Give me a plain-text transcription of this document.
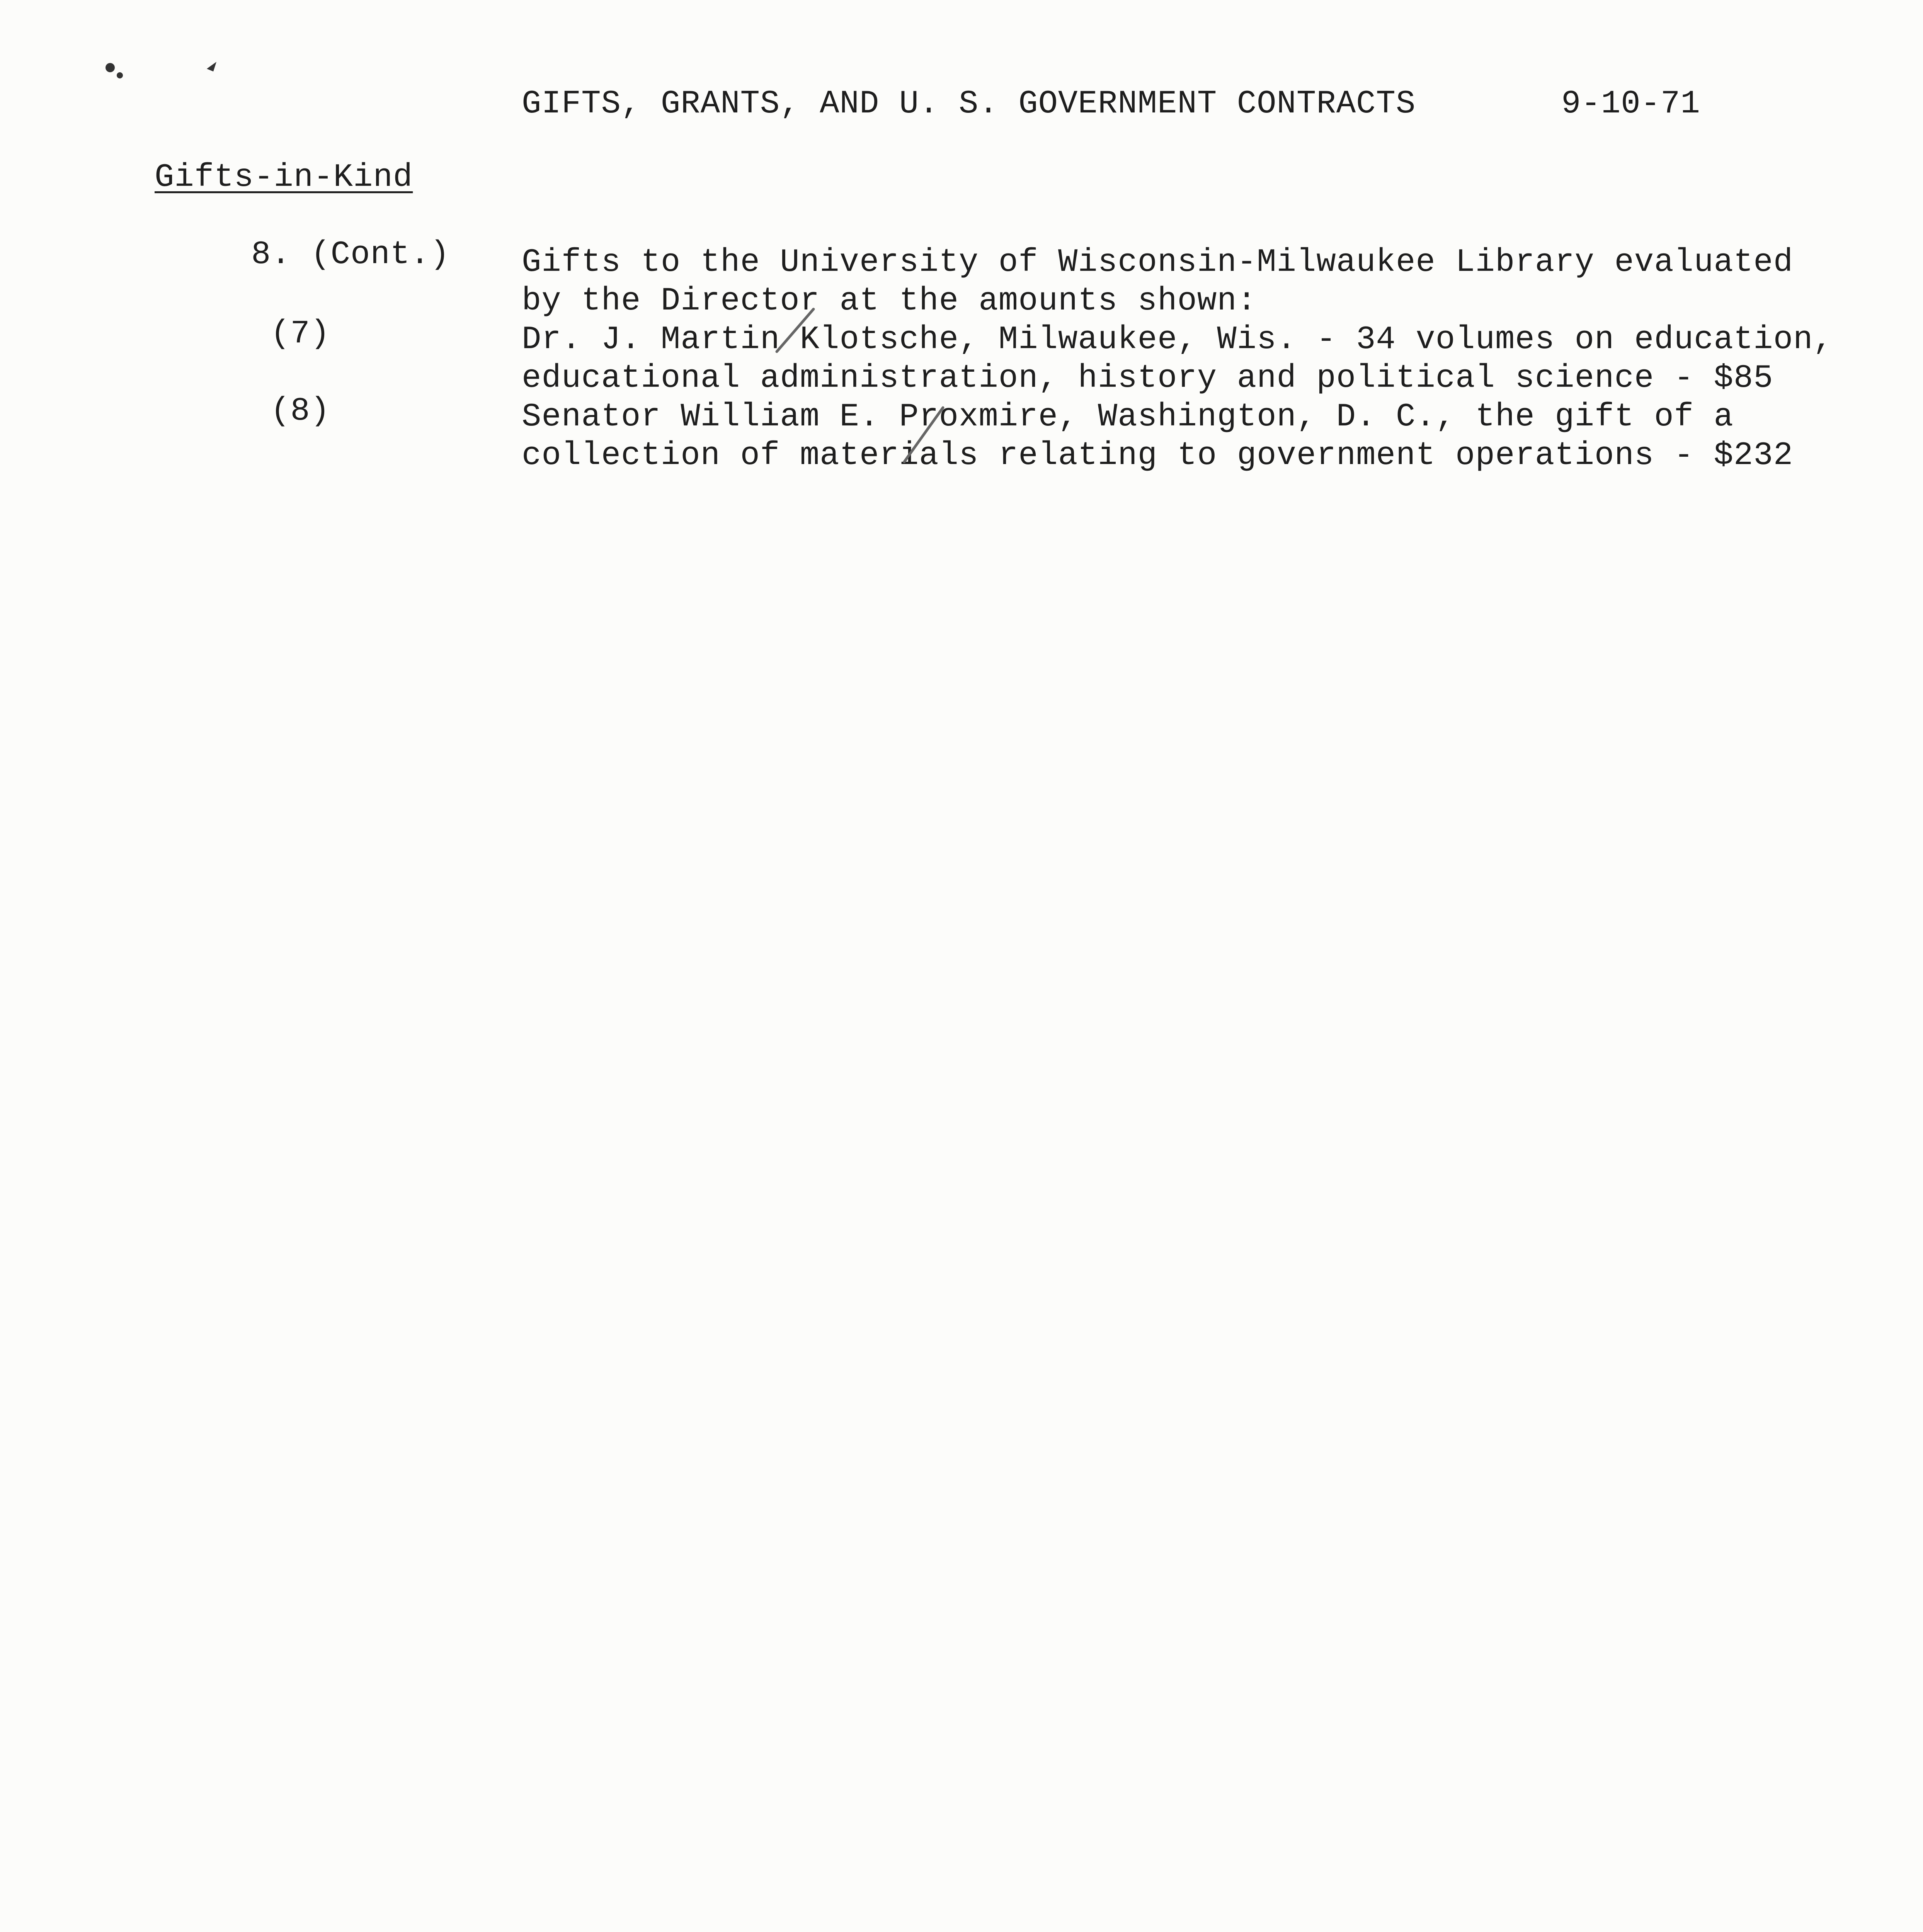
GIFTS, GRANTS, AND U. S. GOVERNMENT CONTRACTS	9-10-71
Gifts-in-Kind
8. (Cont.) Gifts to the University of Wisconsin-Milwaukee Library evaluated
by the Director at the amounts shown:
(7)	Dr. J. Martin Klotsche, Milwaukee, Wis. - 34 volumes on education,
educational administration, history and political science - $85
(8)	Senator William E. Proxmire, Washington, D. C., the gift of a
collection of materials relating to government operations - $232
